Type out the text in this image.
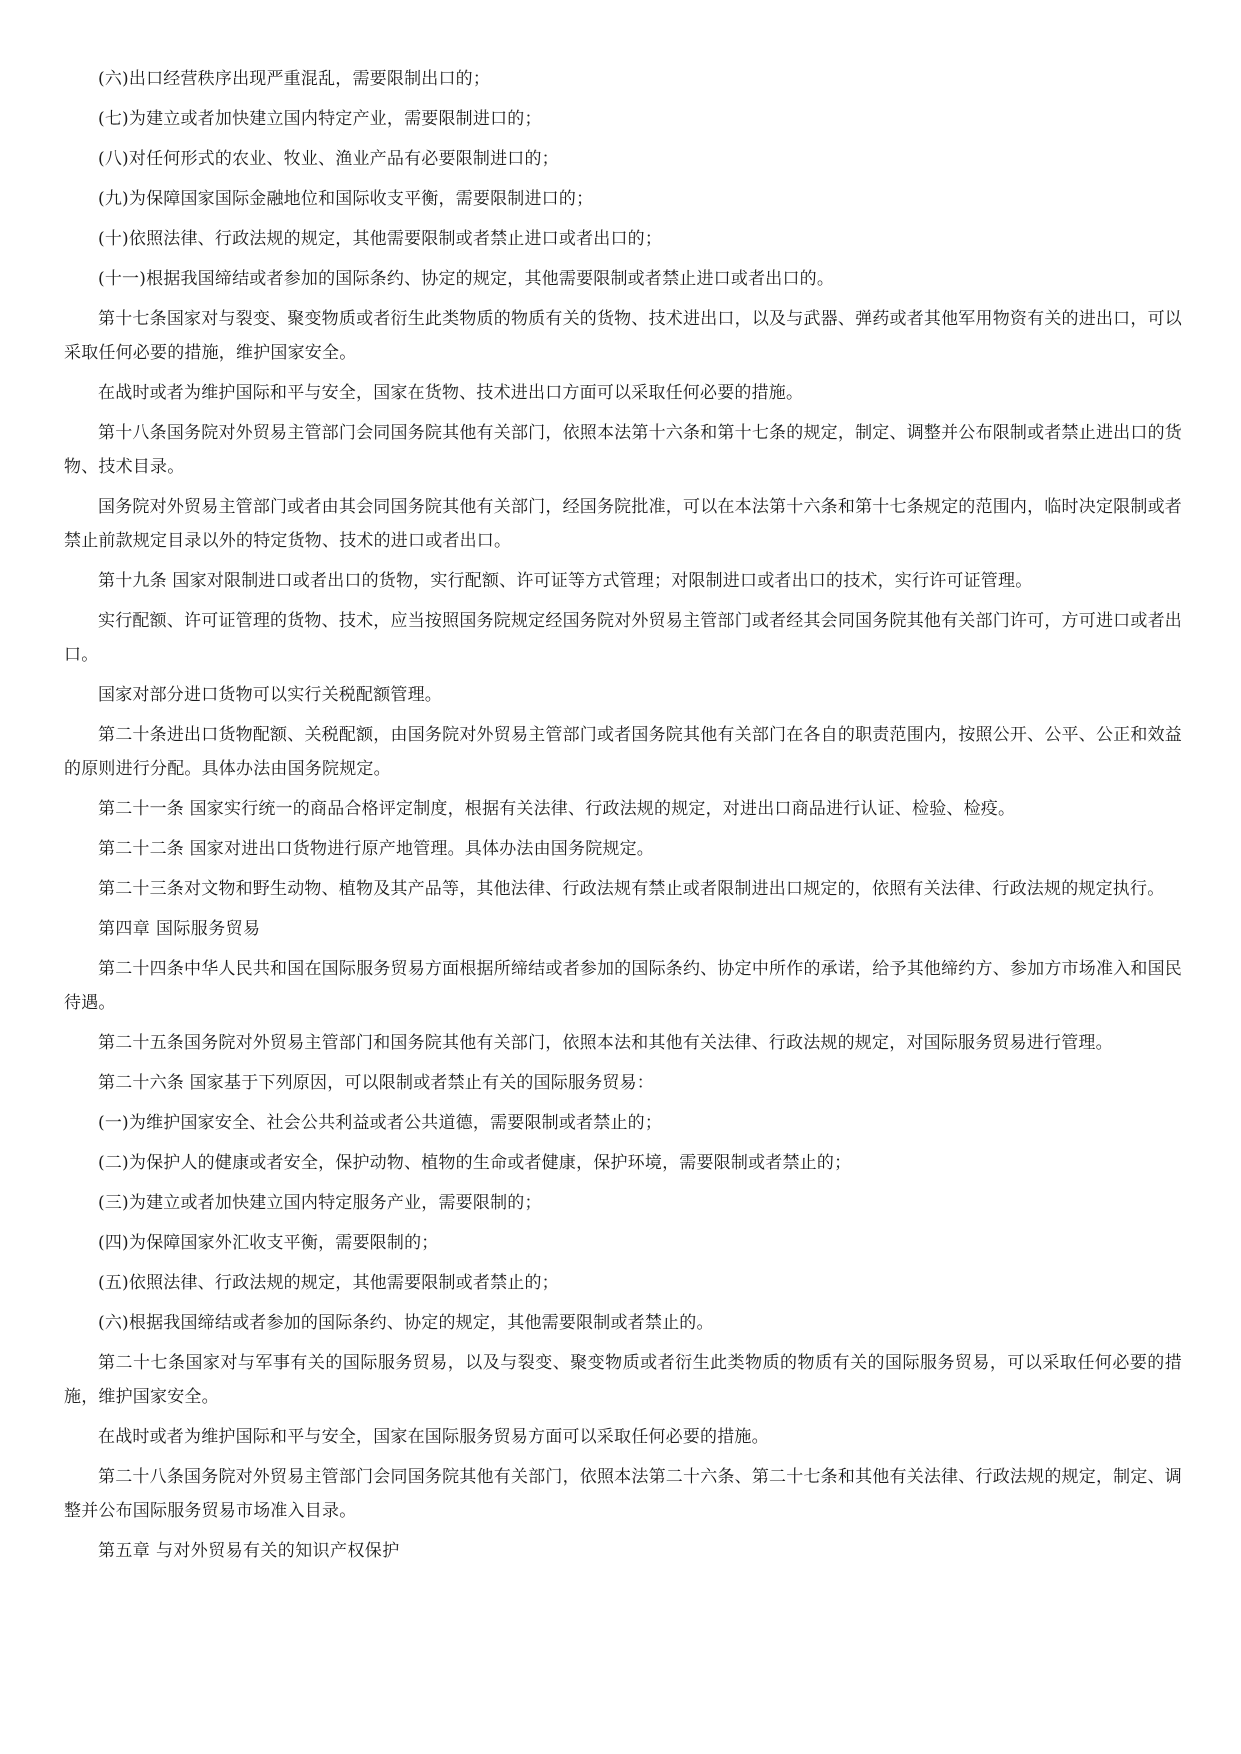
(六)出口经营秩序出现严重混乱，需要限制出口的；

(七)为建立或者加快建立国内特定产业，需要限制进口的；

(八)对任何形式的农业、牧业、渔业产品有必要限制进口的；

(九)为保障国家国际金融地位和国际收支平衡，需要限制进口的；

(十)依照法律、行政法规的规定，其他需要限制或者禁止进口或者出口的；

(十一)根据我国缔结或者参加的国际条约、协定的规定，其他需要限制或者禁止进口或者出口的。

第十七条国家对与裂变、聚变物质或者衍生此类物质的物质有关的货物、技术进出口，以及与武器、弹药或者其他军用物资有关的进出口，可以采取任何必要的措施，维护国家安全。

在战时或者为维护国际和平与安全，国家在货物、技术进出口方面可以采取任何必要的措施。

第十八条国务院对外贸易主管部门会同国务院其他有关部门，依照本法第十六条和第十七条的规定，制定、调整并公布限制或者禁止进出口的货物、技术目录。

国务院对外贸易主管部门或者由其会同国务院其他有关部门，经国务院批准，可以在本法第十六条和第十七条规定的范围内，临时决定限制或者禁止前款规定目录以外的特定货物、技术的进口或者出口。

第十九条 国家对限制进口或者出口的货物，实行配额、许可证等方式管理；对限制进口或者出口的技术，实行许可证管理。

实行配额、许可证管理的货物、技术，应当按照国务院规定经国务院对外贸易主管部门或者经其会同国务院其他有关部门许可，方可进口或者出口。

国家对部分进口货物可以实行关税配额管理。

第二十条进出口货物配额、关税配额，由国务院对外贸易主管部门或者国务院其他有关部门在各自的职责范围内，按照公开、公平、公正和效益的原则进行分配。具体办法由国务院规定。

第二十一条 国家实行统一的商品合格评定制度，根据有关法律、行政法规的规定，对进出口商品进行认证、检验、检疫。

第二十二条 国家对进出口货物进行原产地管理。具体办法由国务院规定。

第二十三条对文物和野生动物、植物及其产品等，其他法律、行政法规有禁止或者限制进出口规定的，依照有关法律、行政法规的规定执行。

第四章 国际服务贸易

第二十四条中华人民共和国在国际服务贸易方面根据所缔结或者参加的国际条约、协定中所作的承诺，给予其他缔约方、参加方市场准入和国民待遇。

第二十五条国务院对外贸易主管部门和国务院其他有关部门，依照本法和其他有关法律、行政法规的规定，对国际服务贸易进行管理。

第二十六条 国家基于下列原因，可以限制或者禁止有关的国际服务贸易：

(一)为维护国家安全、社会公共利益或者公共道德，需要限制或者禁止的；

(二)为保护人的健康或者安全，保护动物、植物的生命或者健康，保护环境，需要限制或者禁止的；

(三)为建立或者加快建立国内特定服务产业，需要限制的；

(四)为保障国家外汇收支平衡，需要限制的；

(五)依照法律、行政法规的规定，其他需要限制或者禁止的；

(六)根据我国缔结或者参加的国际条约、协定的规定，其他需要限制或者禁止的。

第二十七条国家对与军事有关的国际服务贸易，以及与裂变、聚变物质或者衍生此类物质的物质有关的国际服务贸易，可以采取任何必要的措施，维护国家安全。

在战时或者为维护国际和平与安全，国家在国际服务贸易方面可以采取任何必要的措施。

第二十八条国务院对外贸易主管部门会同国务院其他有关部门，依照本法第二十六条、第二十七条和其他有关法律、行政法规的规定，制定、调整并公布国际服务贸易市场准入目录。

第五章 与对外贸易有关的知识产权保护
